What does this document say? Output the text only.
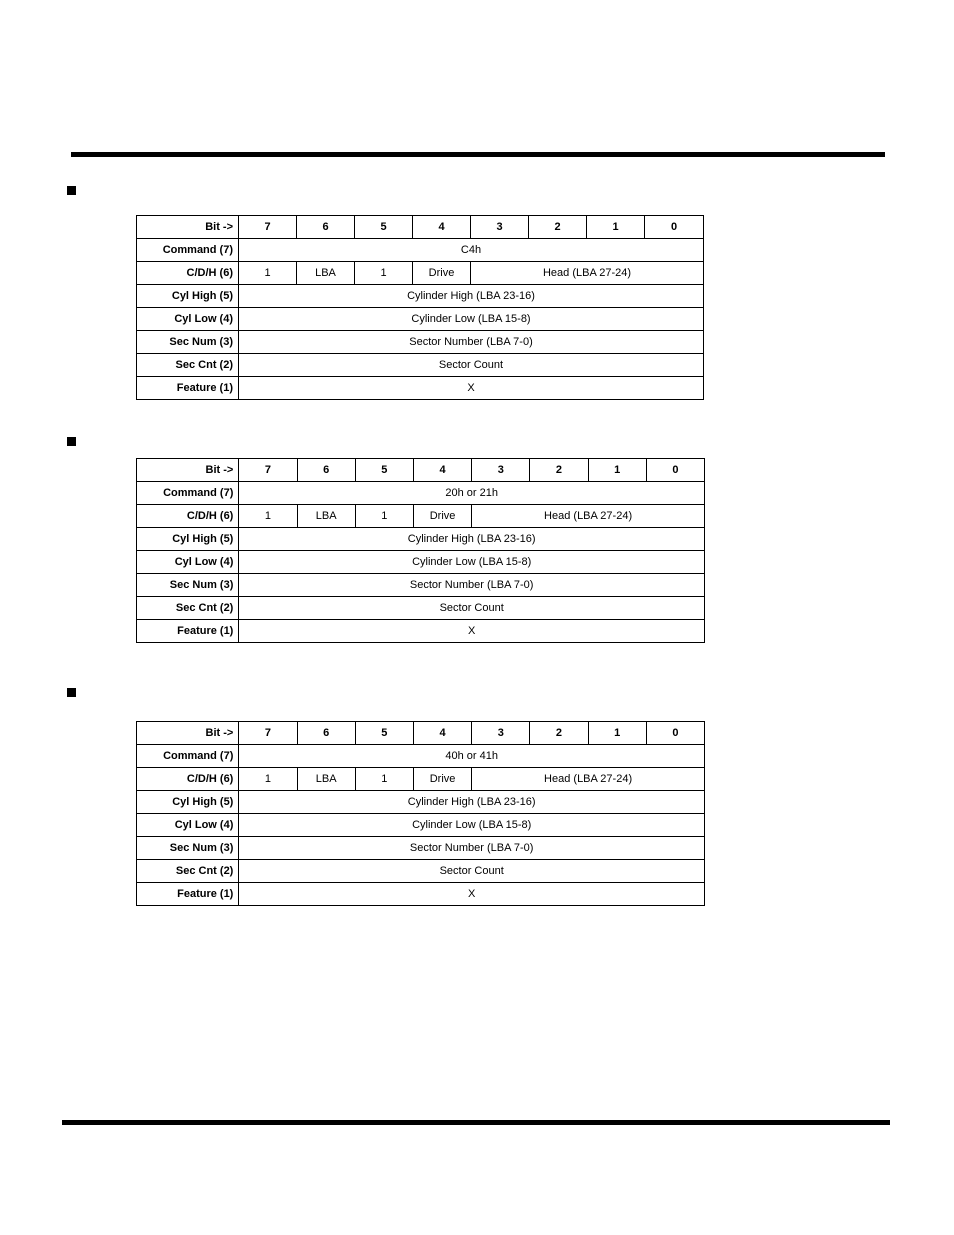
Bit ->	7	6	5	4	3	2	1	0
Command (7)	C4h							
C/D/H (6)	1	LBA	1	Drive	Head (LBA 27-24)			
Cyl High (5)	Cylinder High (LBA 23-16)							
Cyl Low (4)	Cylinder Low (LBA 15-8)							
Sec Num (3)	Sector Number (LBA 7-0)							
Sec Cnt (2)	Sector Count							
Feature (1)	X							
Bit ->	7	6	5	4	3	2	1	0
Command (7)	20h or 21h							
C/D/H (6)	1	LBA	1	Drive	Head (LBA 27-24)			
Cyl High (5)	Cylinder High (LBA 23-16)							
Cyl Low (4)	Cylinder Low (LBA 15-8)							
Sec Num (3)	Sector Number (LBA 7-0)							
Sec Cnt (2)	Sector Count							
Feature (1)	X							
Bit ->	7	6	5	4	3	2	1	0
Command (7)	40h or 41h							
C/D/H (6)	1	LBA	1	Drive	Head (LBA 27-24)			
Cyl High (5)	Cylinder High (LBA 23-16)							
Cyl Low (4)	Cylinder Low (LBA 15-8)							
Sec Num (3)	Sector Number (LBA 7-0)							
Sec Cnt (2)	Sector Count							
Feature (1)	X							
